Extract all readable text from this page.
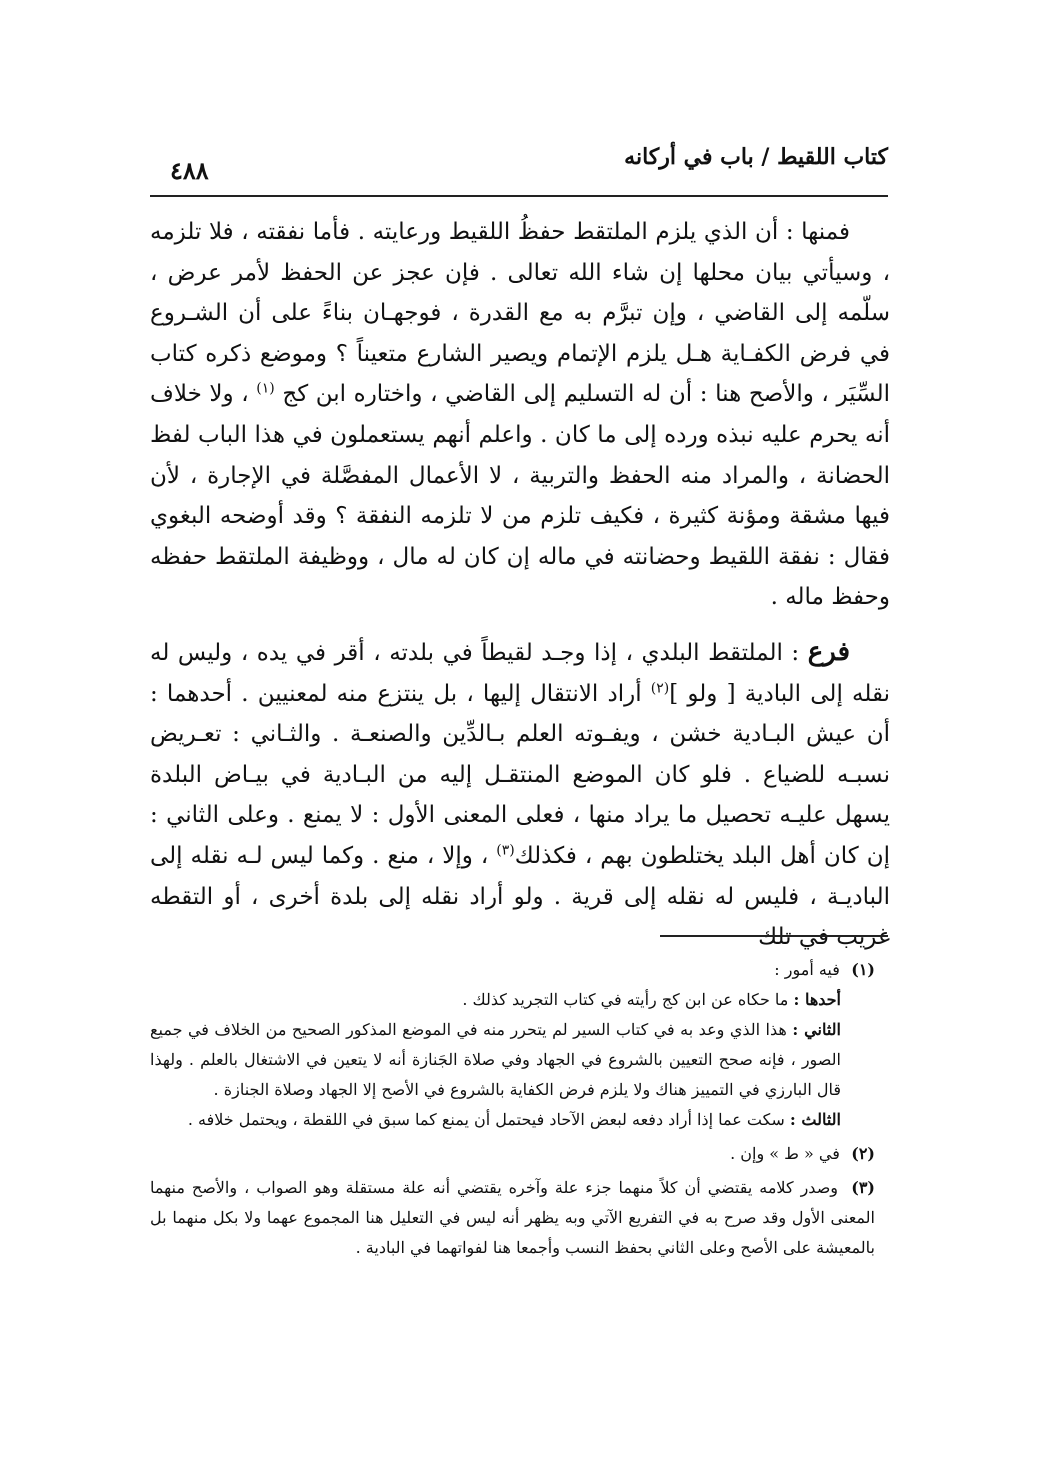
كتاب اللقيط / باب في أركانه
٤٨٨

فمنها : أن الذي يلزم الملتقط حفظُ اللقيط ورعايته . فأما نفقته ، فلا تلزمه ، وسيأتي بيان محلها إن شاء الله تعالى . فإن عجز عن الحفظ لأمر عرض ، سلّمه إلى القاضي ، وإن تبرَّم به مع القدرة ، فوجهـان بناءً على أن الشـروع في فرض الكفـاية هـل يلزم الإتمام ويصير الشارع متعيناً ؟ وموضع ذكره كتاب السِّيَر ، والأصح هنا : أن له التسليم إلى القاضي ، واختاره ابن كج $^{(١)}$ ، ولا خلاف أنه يحرم عليه نبذه ورده إلى ما كان . واعلم أنهم يستعملون في هذا الباب لفظ الحضانة ، والمراد منه الحفظ والتربية ، لا الأعمال المفصَّلة في الإجارة ، لأن فيها مشقة ومؤنة كثيرة ، فكيف تلزم من لا تلزمه النفقة ؟ وقد أوضحه البغوي فقال : نفقة اللقيط وحضانته في ماله إن كان له مال ، ووظيفة الملتقط حفظه وحفظ ماله .

فرع : الملتقط البلدي ، إذا وجـد لقيطاً في بلدته ، أقر في يده ، وليس له نقله إلى البادية [ ولو ]$^{(٢)}$ أراد الانتقال إليها ، بل ينتزع منه لمعنيين . أحدهما : أن عيش البـادية خشن ، ويفـوته العلم بـالدِّين والصنعـة . والثـاني : تعـريض نسبـه للضياع . فلو كان الموضع المنتقـل إليه من البـادية في بيـاض البلدة يسهل عليـه تحصيل ما يراد منها ، فعلى المعنى الأول : لا يمنع . وعلى الثاني : إن كان أهل البلد يختلطون بهم ، فكذلك$^{(٣)}$ ، وإلا ، منع . وكما ليس لـه نقله إلى الباديـة ، فليس له نقله إلى قرية . ولو أراد نقله إلى بلدة أخرى ، أو التقطه غريب في تلك

(١) فيه أمور :

أحدها : ما حكاه عن ابن كج رأيته في كتاب التجريد كذلك .

الثاني : هذا الذي وعد به في كتاب السير لم يتحرر منه في الموضع المذكور الصحيح من الخلاف في جميع الصور ، فإنه صحح التعيين بالشروع في الجهاد وفي صلاة الجَنازة أنه لا يتعين في الاشتغال بالعلم . ولهذا قال البارزي في التمييز هناك ولا يلزم فرض الكفاية بالشروع في الأصح إلا الجهاد وصلاة الجنازة .

الثالث : سكت عما إذا أراد دفعه لبعض الآحاد فيحتمل أن يمنع كما سبق في اللقطة ، ويحتمل خلافه .

(٢) في « ط » وإن .

(٣) وصدر كلامه يقتضي أن كلاً منهما جزء علة وآخره يقتضي أنه علة مستقلة وهو الصواب ، والأصح منهما المعنى الأول وقد صرح به في التفريع الآتي وبه يظهر أنه ليس في التعليل هنا المجموع عهما ولا بكل منهما بل بالمعيشة على الأصح وعلى الثاني بحفظ النسب وأجمعا هنا لفواتهما في البادية .
